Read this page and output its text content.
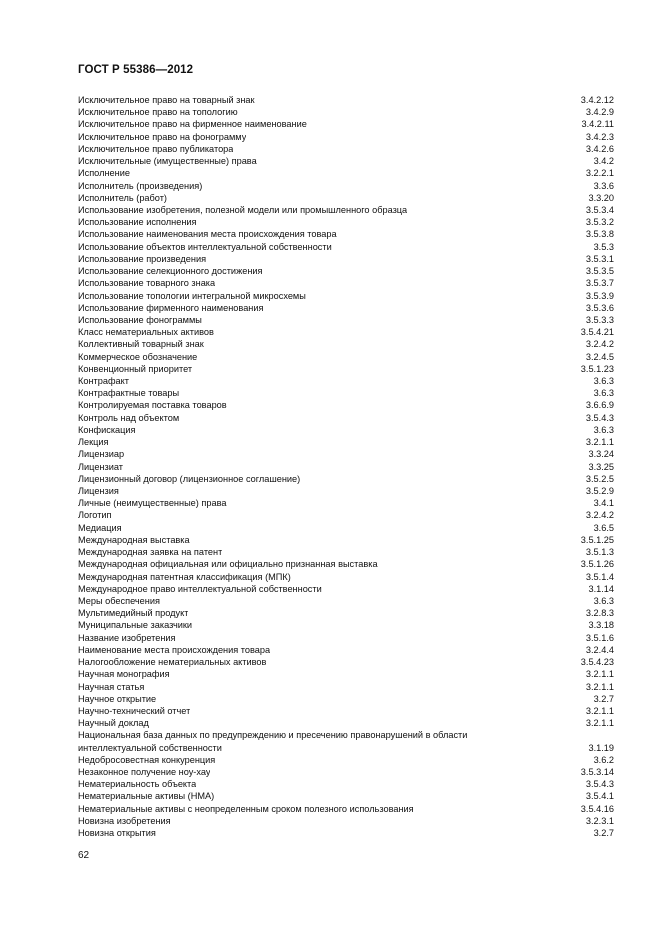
ГОСТ Р 55386—2012
Исключительное право на товарный знак	3.4.2.12
Исключительное право на топологию	3.4.2.9
Исключительное право на фирменное наименование	3.4.2.11
Исключительное право на фонограмму	3.4.2.3
Исключительное право публикатора	3.4.2.6
Исключительные (имущественные) права	3.4.2
Исполнение	3.2.2.1
Исполнитель (произведения)	3.3.6
Исполнитель (работ)	3.3.20
Использование изобретения, полезной модели или промышленного образца	3.5.3.4
Использование исполнения	3.5.3.2
Использование наименования места происхождения товара	3.5.3.8
Использование объектов интеллектуальной собственности	3.5.3
Использование произведения	3.5.3.1
Использование селекционного достижения	3.5.3.5
Использование товарного знака	3.5.3.7
Использование топологии интегральной микросхемы	3.5.3.9
Использование фирменного наименования	3.5.3.6
Использование фонограммы	3.5.3.3
Класс нематериальных активов	3.5.4.21
Коллективный товарный знак	3.2.4.2
Коммерческое обозначение	3.2.4.5
Конвенционный приоритет	3.5.1.23
Контрафакт	3.6.3
Контрафактные товары	3.6.3
Контролируемая поставка товаров	3.6.6.9
Контроль над объектом	3.5.4.3
Конфискация	3.6.3
Лекция	3.2.1.1
Лицензиар	3.3.24
Лицензиат	3.3.25
Лицензионный договор (лицензионное соглашение)	3.5.2.5
Лицензия	3.5.2.9
Личные (неимущественные) права	3.4.1
Логотип	3.2.4.2
Медиация	3.6.5
Международная выставка	3.5.1.25
Международная заявка на патент	3.5.1.3
Международная официальная или официально признанная выставка	3.5.1.26
Международная патентная классификация (МПК)	3.5.1.4
Международное право интеллектуальной собственности	3.1.14
Меры обеспечения	3.6.3
Мультимедийный продукт	3.2.8.3
Муниципальные заказчики	3.3.18
Название изобретения	3.5.1.6
Наименование места происхождения товара	3.2.4.4
Налогообложение нематериальных активов	3.5.4.23
Научная монография	3.2.1.1
Научная статья	3.2.1.1
Научное открытие	3.2.7
Научно-технический отчет	3.2.1.1
Научный доклад	3.2.1.1
Национальная база данных по предупреждению и пресечению правонарушений в области
интеллектуальной собственности	3.1.19
Недобросовестная конкуренция	3.6.2
Незаконное получение ноу-хау	3.5.3.14
Нематериальность объекта	3.5.4.3
Нематериальные активы (НМА)	3.5.4.1
Нематериальные активы с неопределенным сроком полезного использования	3.5.4.16
Новизна изобретения	3.2.3.1
Новизна открытия	3.2.7
62
